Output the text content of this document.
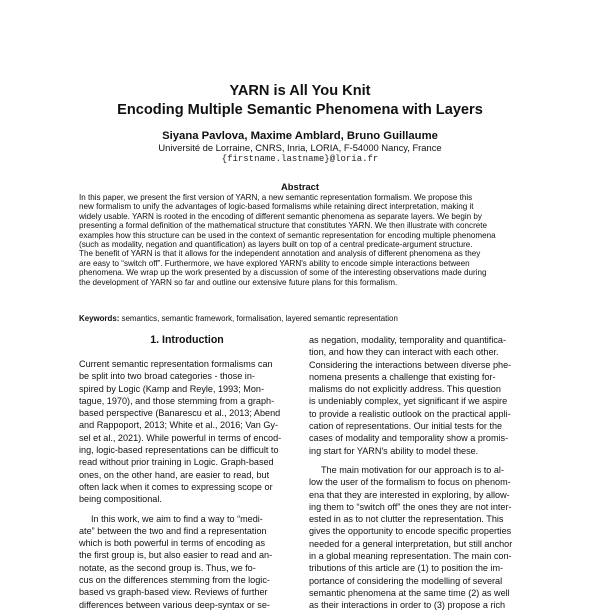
YARN is All You Knit
Encoding Multiple Semantic Phenomena with Layers
Siyana Pavlova, Maxime Amblard, Bruno Guillaume
Université de Lorraine, CNRS, Inria, LORIA, F-54000 Nancy, France
{firstname.lastname}@loria.fr
Abstract
In this paper, we present the first version of YARN, a new semantic representation formalism. We propose this
new formalism to unify the advantages of logic-based formalisms while retaining direct interpretation, making it
widely usable. YARN is rooted in the encoding of different semantic phenomena as separate layers. We begin by
presenting a formal definition of the mathematical structure that constitutes YARN. We then illustrate with concrete
examples how this structure can be used in the context of semantic representation for encoding multiple phenomena
(such as modality, negation and quantification) as layers built on top of a central predicate-argument structure.
The benefit of YARN is that it allows for the independent annotation and analysis of different phenomena as they
are easy to “switch off”. Furthermore, we have explored YARN's ability to encode simple interactions between
phenomena. We wrap up the work presented by a discussion of some of the interesting observations made during
the development of YARN so far and outline our extensive future plans for this formalism.
Keywords: semantics, semantic framework, formalisation, layered semantic representation
1. Introduction
Current semantic representation formalisms can
be split into two broad categories - those in-
spired by Logic (Kamp and Reyle, 1993; Mon-
tague, 1970), and those stemming from a graph-
based perspective (Banarescu et al., 2013; Abend
and Rappoport, 2013; White et al., 2016; Van Gy-
sel et al., 2021). While powerful in terms of encod-
ing, logic-based representations can be difficult to
read without prior training in Logic. Graph-based
ones, on the other hand, are easier to read, but
often lack when it comes to expressing scope or
being compositional.
In this work, we aim to find a way to “medi-
ate” between the two and find a representation
which is both powerful in terms of encoding as
the first group is, but also easier to read and an-
notate, as the second group is. Thus, we fo-
cus on the differences stemming from the logic-
based vs graph-based view. Reviews of further
differences between various deep-syntax or se-
as negation, modality, temporality and quantifica-
tion, and how they can interact with each other.
Considering the interactions between diverse phe-
nomena presents a challenge that existing for-
malisms do not explicitly address. This question
is undeniably complex, yet significant if we aspire
to provide a realistic outlook on the practical appli-
cation of representations. Our initial tests for the
cases of modality and temporality show a promis-
ing start for YARN's ability to model these.
The main motivation for our approach is to al-
low the user of the formalism to focus on phenom-
ena that they are interested in exploring, by allow-
ing them to “switch off” the ones they are not inter-
ested in as to not clutter the representation. This
gives the opportunity to encode specific properties
needed for a general interpretation, but still anchor
in a global meaning representation. The main con-
tributions of this article are (1) to position the im-
portance of considering the modelling of several
semantic phenomena at the same time (2) as well
as their interactions in order to (3) propose a rich
